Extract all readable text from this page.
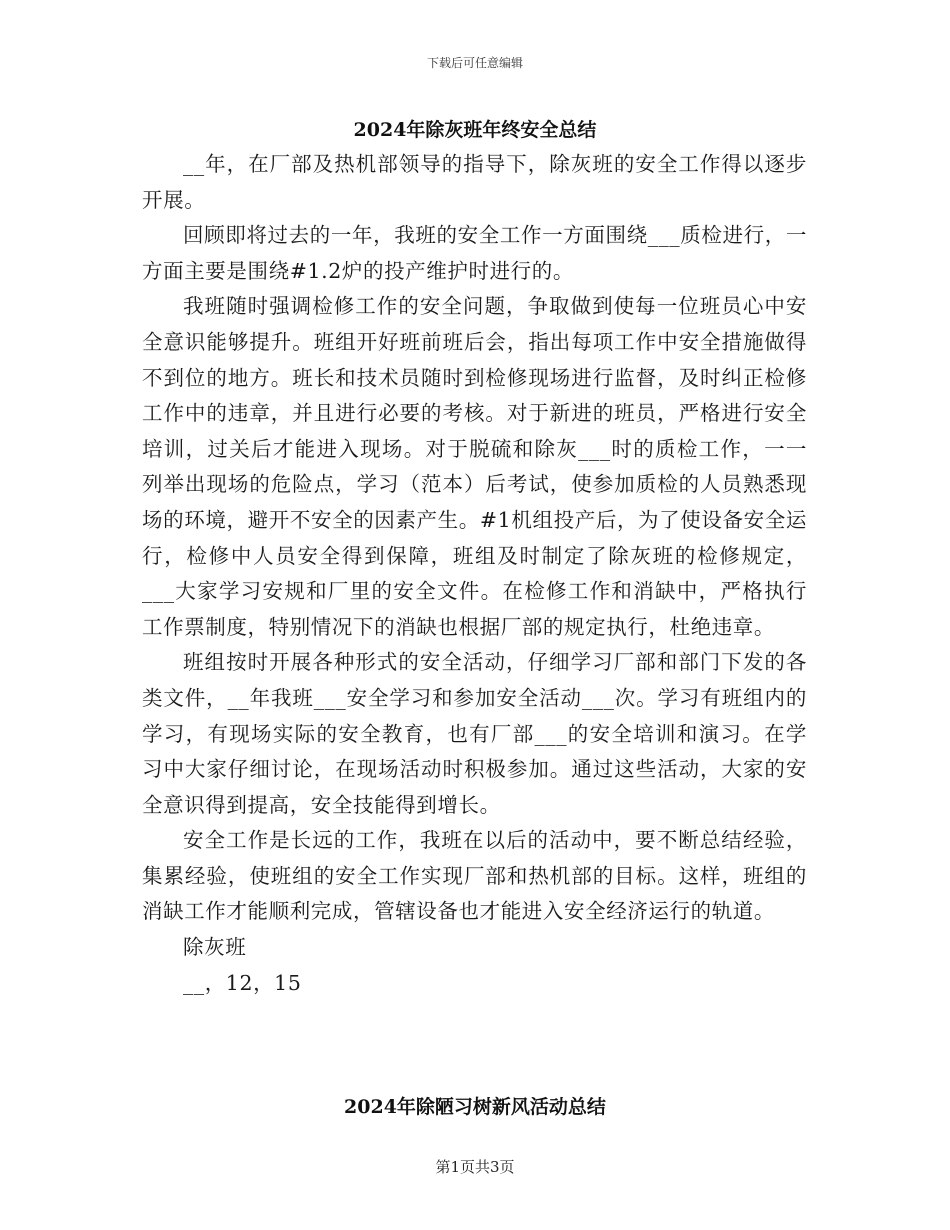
下载后可任意编辑
2024年除灰班年终安全总结

__年，在厂部及热机部领导的指导下，除灰班的安全工作得以逐步开展。

回顾即将过去的一年，我班的安全工作一方面围绕___质检进行，一方面主要是围绕#1.2炉的投产维护时进行的。

我班随时强调检修工作的安全问题，争取做到使每一位班员心中安全意识能够提升。班组开好班前班后会，指出每项工作中安全措施做得不到位的地方。班长和技术员随时到检修现场进行监督，及时纠正检修工作中的违章，并且进行必要的考核。对于新进的班员，严格进行安全培训，过关后才能进入现场。对于脱硫和除灰___时的质检工作，一一列举出现场的危险点，学习（范本）后考试，使参加质检的人员熟悉现场的环境，避开不安全的因素产生。#1机组投产后，为了使设备安全运行，检修中人员安全得到保障，班组及时制定了除灰班的检修规定，___大家学习安规和厂里的安全文件。在检修工作和消缺中，严格执行工作票制度，特别情况下的消缺也根据厂部的规定执行，杜绝违章。

班组按时开展各种形式的安全活动，仔细学习厂部和部门下发的各类文件，__年我班___安全学习和参加安全活动___次。学习有班组内的学习，有现场实际的安全教育，也有厂部___的安全培训和演习。在学习中大家仔细讨论，在现场活动时积极参加。通过这些活动，大家的安全意识得到提高，安全技能得到增长。

安全工作是长远的工作，我班在以后的活动中，要不断总结经验，集累经验，使班组的安全工作实现厂部和热机部的目标。这样，班组的消缺工作才能顺利完成，管辖设备也才能进入安全经济运行的轨道。

除灰班

__，12，15

2024年除陋习树新风活动总结
第1页共3页
